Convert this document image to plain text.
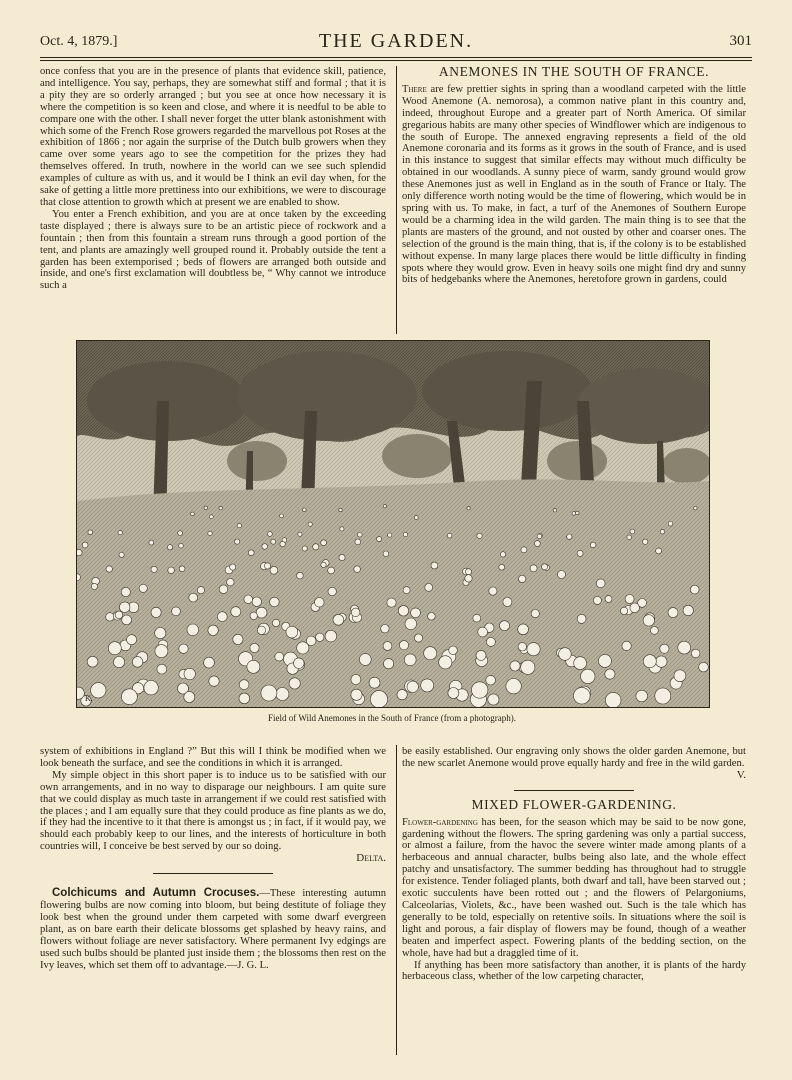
Oct. 4, 1879.]	THE GARDEN.	301

once confess that you are in the presence of plants that evidence skill, patience, and intelligence. You say, perhaps, they are somewhat stiff and formal ; that it is a pity they are so orderly arranged ; but you see at once how necessary it is where the competition is so keen and close, and where it is needful to be able to compare one with the other. I shall never forget the utter blank astonishment with which some of the French Rose growers regarded the marvellous pot Roses at the exhibition of 1866 ; nor again the surprise of the Dutch bulb growers when they came over some years ago to see the competition for the prizes they had themselves offered. In truth, nowhere in the world can we see such splendid examples of culture as with us, and it would be I think an evil day when, for the sake of getting a little more prettiness into our exhibitions, we were to discourage that close attention to growth which at present we are enabled to show.

You enter a French exhibition, and you are at once taken by the exceeding taste displayed ; there is always sure to be an artistic piece of rockwork and a fountain ; then from this fountain a stream runs through a good portion of the tent, and plants are amazingly well grouped round it. Probably outside the tent a garden has been extemporised ; beds of flowers are arranged both outside and inside, and one's first exclamation will doubtless be, “ Why cannot we introduce such a

ANEMONES IN THE SOUTH OF FRANCE.

There are few prettier sights in spring than a woodland carpeted with the little Wood Anemone (A. nemorosa), a common native plant in this country and, indeed, throughout Europe and a greater part of North America. Of similar gregarious habits are many other species of Windflower which are indigenous to the south of Europe. The annexed engraving represents a field of the old Anemone coronaria and its forms as it grows in the south of France, and is used in this instance to suggest that similar effects may without much difficulty be obtained in our woodlands. A sunny piece of warm, sandy ground would grow these Anemones just as well in England as in the south of France or Italy. The only difference worth noting would be the time of flowering, which would be in spring with us. To make, in fact, a turf of the Anemones of Southern Europe would be a charming idea in the wild garden. The main thing is to see that the plants are masters of the ground, and not ousted by other and coarser ones. The selection of the ground is the main thing, that is, if the colony is to be established without expense. In many large places there would be little difficulty in finding spots where they would grow. Even in heavy soils one might find dry and sunny bits of hedgebanks where the Anemones, heretofore grown in gardens, could

K.
Field of Wild Anemones in the South of France (from a photograph).

system of exhibitions in England ?” But this will I think be modified when we look beneath the surface, and see the conditions in which it is arranged.

My simple object in this short paper is to induce us to be satisfied with our own arrangements, and in no way to disparage our neighbours. I am quite sure that we could display as much taste in arrangement if we could rest satisfied with the places ; and I am equally sure that they could produce as fine plants as we do, if they had the incentive to it that there is amongst us ; in fact, if it would pay, we should each probably keep to our lines, and the interests of horticulture in both countries will, I conceive be best served by our so doing.

Delta.

Colchicums and Autumn Crocuses.—These interesting autumn flowering bulbs are now coming into bloom, but being destitute of foliage they look best when the ground under them carpeted with some dwarf evergreen plant, as on bare earth their delicate blossoms get splashed by heavy rains, and flowers without foliage are never satisfactory. Where permanent Ivy edgings are used such bulbs should be planted just inside them ; the blossoms then rest on the Ivy leaves, which set them off to advantage.—J. G. L.

be easily established. Our engraving only shows the older garden Anemone, but the new scarlet Anemone would prove equally hardy and free in the wild garden.

V.
MIXED FLOWER-GARDENING.

Flower-gardening has been, for the season which may be said to be now gone, gardening without the flowers. The spring gardening was only a partial success, or almost a failure, from the havoc the severe winter made among plants of a herbaceous and annual character, bulbs being also late, and the whole effect patchy and unsatisfactory. The summer bedding has throughout had to struggle for existence. Tender foliaged plants, both dwarf and tall, have been starved out ; exotic succulents have been rotted out ; and the flowers of Pelargoniums, Calceolarias, Violets, &c., have been washed out. Such is the tale which has generally to be told, especially on retentive soils. In situations where the soil is light and porous, a fair display of flowers may be found, though of a weather beaten and imperfect aspect. Fowering plants of the bedding section, on the whole, have had but a draggled time of it.

If anything has been more satisfactory than another, it is plants of the hardy herbaceous class, whether of the low carpeting character,
